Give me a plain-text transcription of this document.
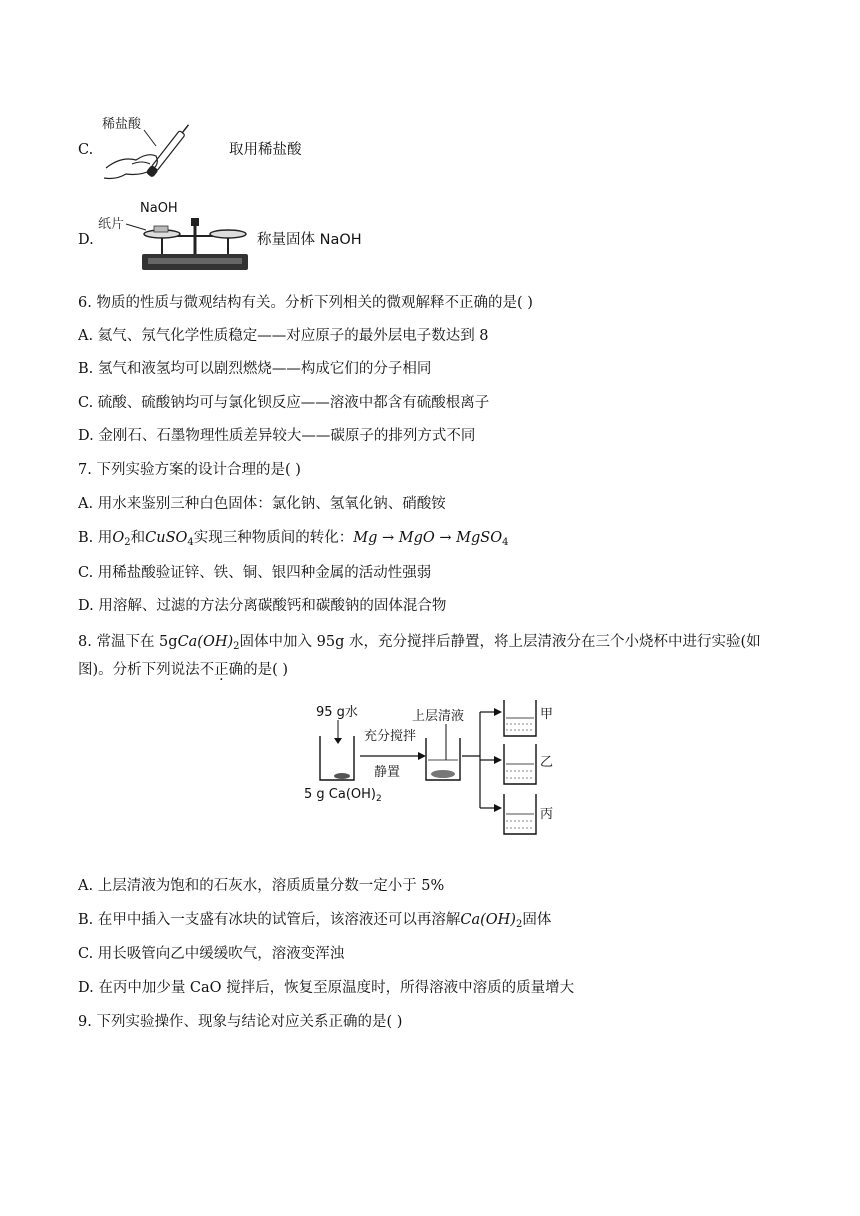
C.
稀盐酸
取用稀盐酸
D.
NaOH
纸片
称量固体 NaOH
6. 物质的性质与微观结构有关。分析下列相关的微观解释不正确的是( )
A. 氦气、氖气化学性质稳定——对应原子的最外层电子数达到 8
B. 氢气和液氢均可以剧烈燃烧——构成它们的分子相同
C. 硫酸、硫酸钠均可与氯化钡反应——溶液中都含有硫酸根离子
D. 金刚石、石墨物理性质差异较大——碳原子的排列方式不同
7. 下列实验方案的设计合理的是( )
A. 用水来鉴别三种白色固体：氯化钠、氢氧化钠、硝酸铵
B. 用$O_2$和CuSO$_4$实现三种物质间的转化：Mg → MgO → MgSO$_4$
C. 用稀盐酸验证锌、铁、铜、银四种金属的活动性强弱
D. 用溶解、过滤的方法分离碳酸钙和碳酸钠的固体混合物
8. 常温下在 $5gCa(OH)_2$固体中加入 95g 水，充分搅拌后静置，将上层清液分在三个小烧杯中进行实验(如
图)。分析下列说法不正确的是( )
95 g水
5 g $Ca(OH)_2$
充分搅拌
静置
上层清液	甲
乙
丙
A. 上层清液为饱和的石灰水，溶质质量分数一定小于 5%
B. 在甲中插入一支盛有冰块的试管后，该溶液还可以再溶解$Ca(OH)_2$固体
C. 用长吸管向乙中缓缓吹气，溶液变浑浊
D. 在丙中加少量 CaO 搅拌后，恢复至原温度时，所得溶液中溶质的质量增大
9. 下列实验操作、现象与结论对应关系正确的是( )
